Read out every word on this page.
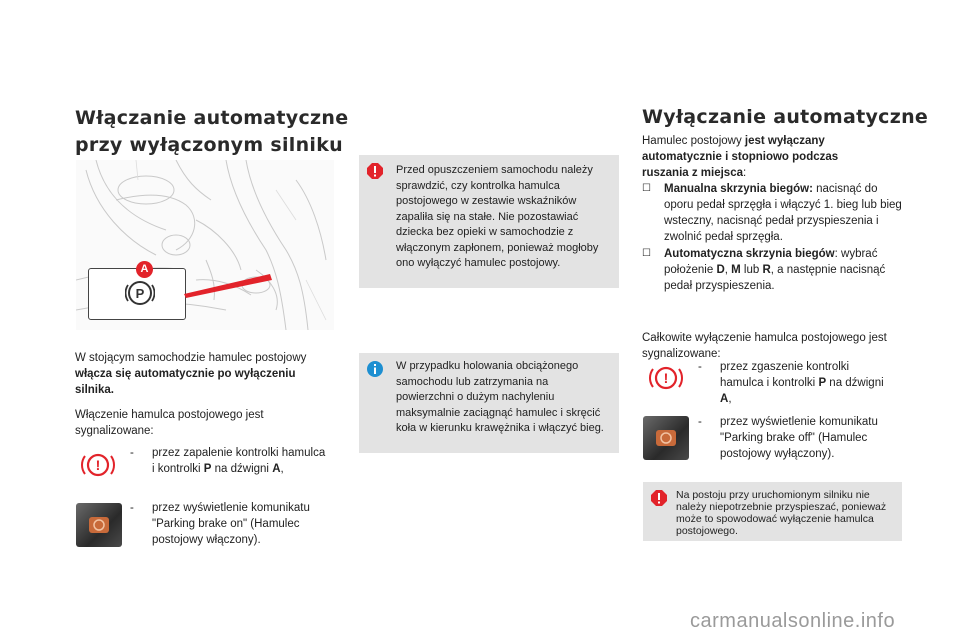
Włączanie automatyczne
przy wyłączonym silniku
P
A
W stojącym samochodzie hamulec postojowy włącza się automatycznie po wyłączeniu silnika.
Włączenie hamulca postojowego jest sygnalizowane:
!
- przez zapalenie kontrolki hamulca i kontrolki P na dźwigni A,
- przez wyświetlenie komunikatu "Parking brake on" (Hamulec postojowy włączony).
Przed opuszczeniem samochodu należy sprawdzić, czy kontrolka hamulca postojowego w zestawie wskaźników zapaliła się na stałe. Nie pozostawiać dziecka bez opieki w samochodzie z włączonym zapłonem, ponieważ mogłoby ono wyłączyć hamulec postojowy.
W przypadku holowania obciążonego samochodu lub zatrzymania na powierzchni o dużym nachyleniu maksymalnie zaciągnąć hamulec i skręcić koła w kierunku krawężnika i włączyć bieg.
Wyłączanie automatyczne
Hamulec postojowy jest wyłączany automatycznie i stopniowo podczas ruszania z miejsca:
☐	Manualna skrzynia biegów: nacisnąć do oporu pedał sprzęgła i włączyć 1. bieg lub bieg wsteczny, nacisnąć pedał przyspieszenia i zwolnić pedał sprzęgła.
☐	Automatyczna skrzynia biegów: wybrać położenie D, M lub R, a następnie nacisnąć pedał przyspieszenia.
Całkowite wyłączenie hamulca postojowego jest sygnalizowane:
!
- przez zgaszenie kontrolki hamulca i kontrolki P na dźwigni A,
- przez wyświetlenie komunikatu "Parking brake off" (Hamulec postojowy wyłączony).
Na postoju przy uruchomionym silniku nie należy niepotrzebnie przyspieszać, ponieważ może to spowodować wyłączenie hamulca postojowego.
carmanualsonline.info
